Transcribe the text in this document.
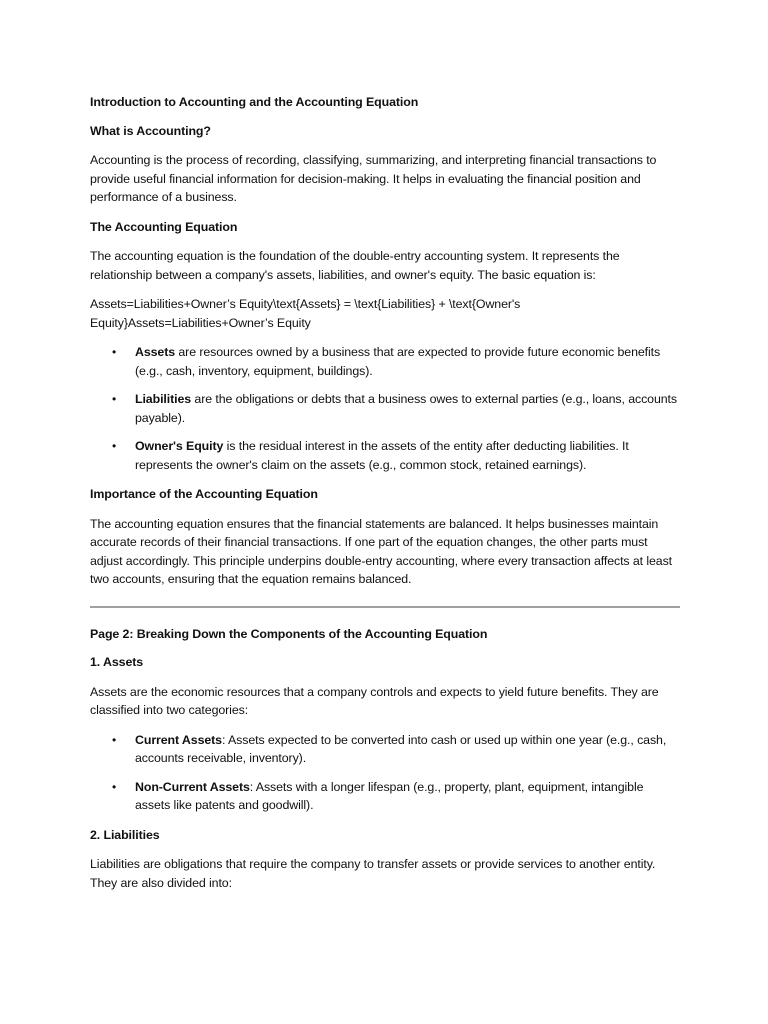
Introduction to Accounting and the Accounting Equation
What is Accounting?

Accounting is the process of recording, classifying, summarizing, and interpreting financial transactions to provide useful financial information for decision-making. It helps in evaluating the financial position and performance of a business.

The Accounting Equation

The accounting equation is the foundation of the double-entry accounting system. It represents the relationship between a company's assets, liabilities, and owner's equity. The basic equation is:

Assets=Liabilities+Owner’s Equity\text{Assets} = \text{Liabilities} + \text{Owner's Equity}Assets=Liabilities+Owner’s Equity

• Assets are resources owned by a business that are expected to provide future economic benefits (e.g., cash, inventory, equipment, buildings).
• Liabilities are the obligations or debts that a business owes to external parties (e.g., loans, accounts payable).
• Owner's Equity is the residual interest in the assets of the entity after deducting liabilities. It represents the owner's claim on the assets (e.g., common stock, retained earnings).
Importance of the Accounting Equation

The accounting equation ensures that the financial statements are balanced. It helps businesses maintain accurate records of their financial transactions. If one part of the equation changes, the other parts must adjust accordingly. This principle underpins double-entry accounting, where every transaction affects at least two accounts, ensuring that the equation remains balanced.

Page 2: Breaking Down the Components of the Accounting Equation
1. Assets

Assets are the economic resources that a company controls and expects to yield future benefits. They are classified into two categories:

• Current Assets: Assets expected to be converted into cash or used up within one year (e.g., cash, accounts receivable, inventory).
• Non-Current Assets: Assets with a longer lifespan (e.g., property, plant, equipment, intangible assets like patents and goodwill).
2. Liabilities

Liabilities are obligations that require the company to transfer assets or provide services to another entity. They are also divided into:
